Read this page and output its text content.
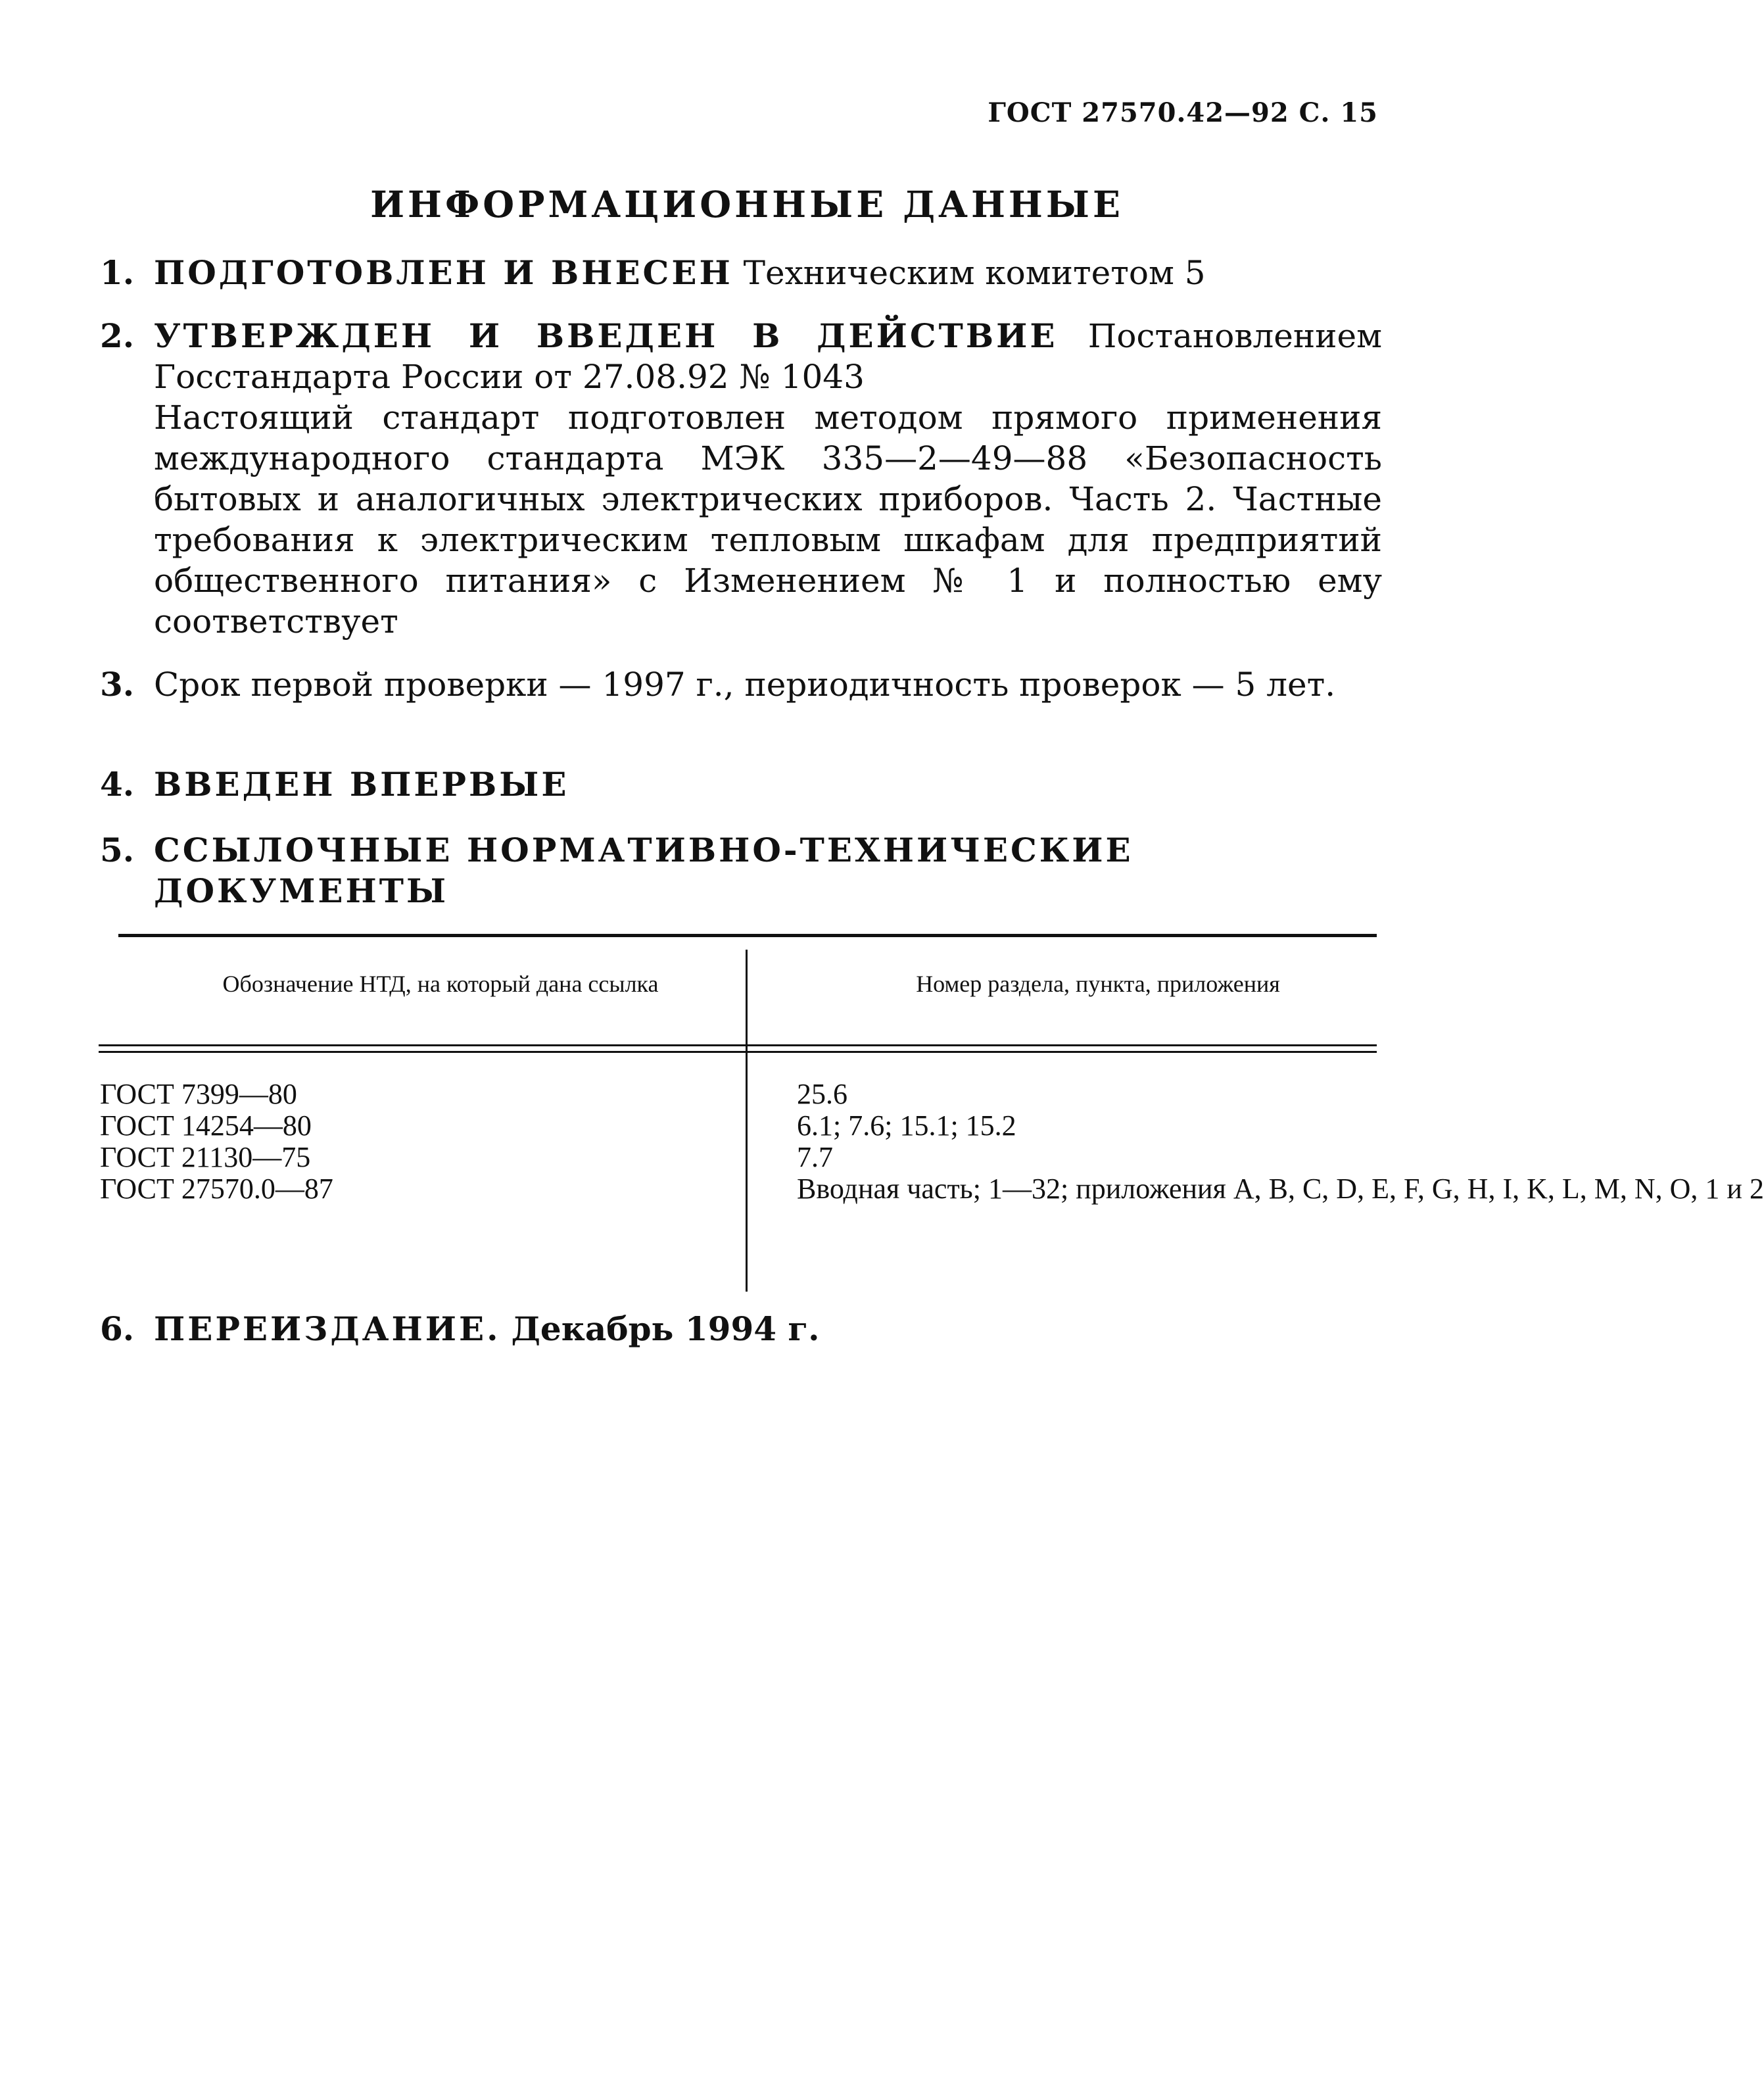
ГОСТ 27570.42—92 С. 15
ИНФОРМАЦИОННЫЕ ДАННЫЕ
1. ПОДГОТОВЛЕН И ВНЕСЕН Техническим комитетом 5
2. УТВЕРЖДЕН И ВВЕДЕН В ДЕЙСТВИЕ Постановлением Госстандарта России от 27.08.92 № 1043
Настоящий стандарт подготовлен методом прямого применения международного стандарта МЭК 335—2—49—88 «Безопасность бытовых и аналогичных электрических приборов. Часть 2. Частные требования к электрическим тепловым шкафам для предприятий общественного питания» с Изменением № 1 и полностью ему соответствует
3. Срок первой проверки — 1997 г., периодичность проверок — 5 лет.
4. ВВЕДЕН ВПЕРВЫЕ
5. ССЫЛОЧНЫЕ НОРМАТИВНО-ТЕХНИЧЕСКИЕ ДОКУМЕНТЫ
Обозначение НТД, на который дана ссылка	Номер раздела, пункта, приложения
ГОСТ 7399—80
ГОСТ 14254—80
ГОСТ 21130—75
ГОСТ 27570.0—87
25.6
6.1; 7.6; 15.1; 15.2
7.7
Вводная часть; 1—32; приложения А, B, C, D, E, F, G, H, I, K, L, M, N, O, 1 и 2
6. ПЕРЕИЗДАНИЕ. Декабрь 1994 г.
